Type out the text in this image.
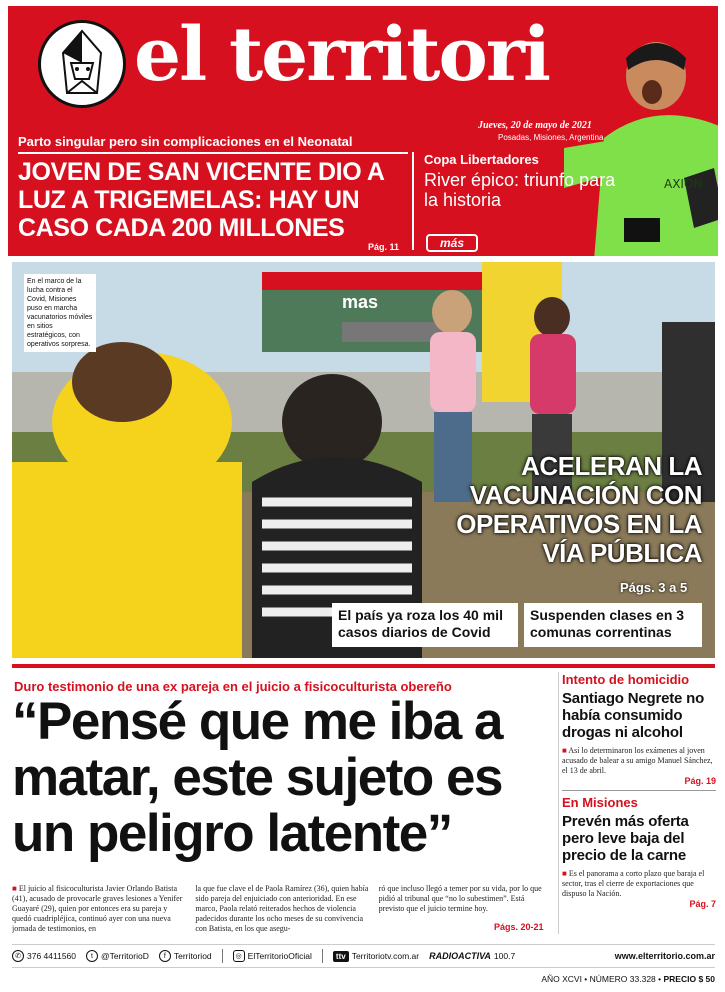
el territori
AXION
Jueves, 20 de mayo de 2021
Posadas, Misiones, Argentina
Parto singular pero sin complicaciones en el Neonatal
JOVEN DE SAN VICENTE DIO A LUZ A TRIGEMELAS: HAY UN CASO CADA 200 MILLONES
Pág. 11
Copa Libertadores
River épico: triunfo para la historia
más
mas
En el marco de la lucha contra el Covid, Misiones puso en marcha vacunatorios móviles en sitios estratégicos, con operativos sorpresa.
ACELERAN LA VACUNACIÓN CON OPERATIVOS EN LA VÍA PÚBLICA
Págs. 3 a 5
El país ya roza los 40 mil casos diarios de Covid
Suspenden clases en 3 comunas correntinas
Duro testimonio de una ex pareja en el juicio a fisicoculturista obereño
“Pensé que me iba a matar, este sujeto es un peligro latente”
■ El juicio al fisicoculturista Javier Orlando Batista (41), acusado de provocarle graves lesiones a Yenifer Guayaré (29), quien por entonces era su pareja y quedó cuadripléjica, continuó ayer con una nueva jornada de testimonios, en
la que fue clave el de Paola Ramírez (36), quien había sido pareja del enjuiciado con anterioridad. En ese marco, Paola relató reiterados hechos de violencia padecidos durante los ocho meses de su convivencia con Batista, en los que asegu-
ró que incluso llegó a temer por su vida, por lo que pidió al tribunal que “no lo subestimen”. Está previsto que el juicio termine hoy.
Págs. 20-21
Intento de homicidio
Santiago Negrete no había consumido drogas ni alcohol
■ Así lo determinaron los exámenes al joven acusado de balear a su amigo Manuel Sánchez, el 13 de abril.
Pág. 19
En Misiones
Prevén más oferta pero leve baja del precio de la carne
■ Es el panorama a corto plazo que baraja el sector, tras el cierre de exportaciones que dispuso la Nación.
Pág. 7
✆ 376 4411560	t @TerritorioD	f Territoriod	◎ ElTerritorioOficial	ttv Territoriotv.com.ar RADIOACTIVA 100.7	www.elterritorio.com.ar
AÑO XCVI • NÚMERO 33.328 • PRECIO $ 50
